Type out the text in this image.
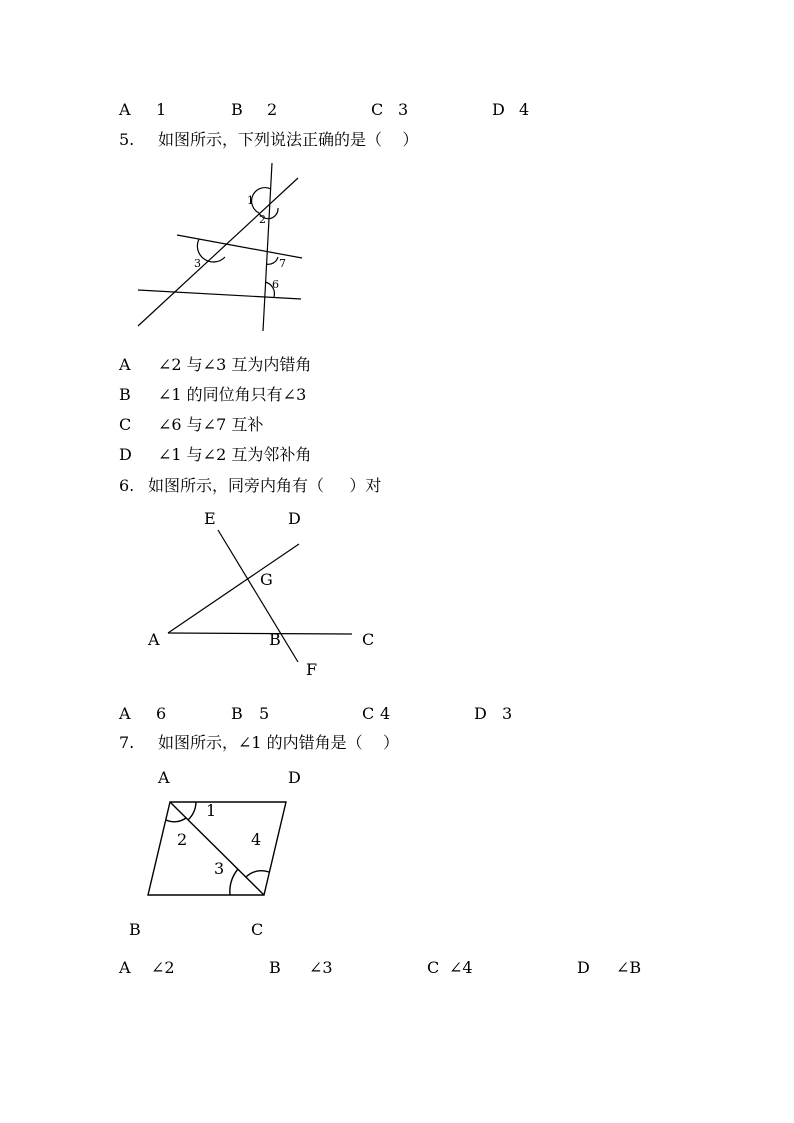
A 1	B 2	C 3	D 4
5. 如图所示，下列说法正确的是（    ）
1
2
3	7
6
A ∠2 与∠3 互为内错角
B ∠1 的同位角只有∠3
C ∠6 与∠7 互补
D ∠1 与∠2 互为邻补角
6. 如图所示，同旁内角有（     ）对
E	D
G
A	B	C
F
A 6	B 5	C 4	D 3
7. 如图所示，∠1 的内错角是（    ）
A	D
1
2	4
3
B	C
A ∠2	B ∠3	C ∠4	D ∠B
